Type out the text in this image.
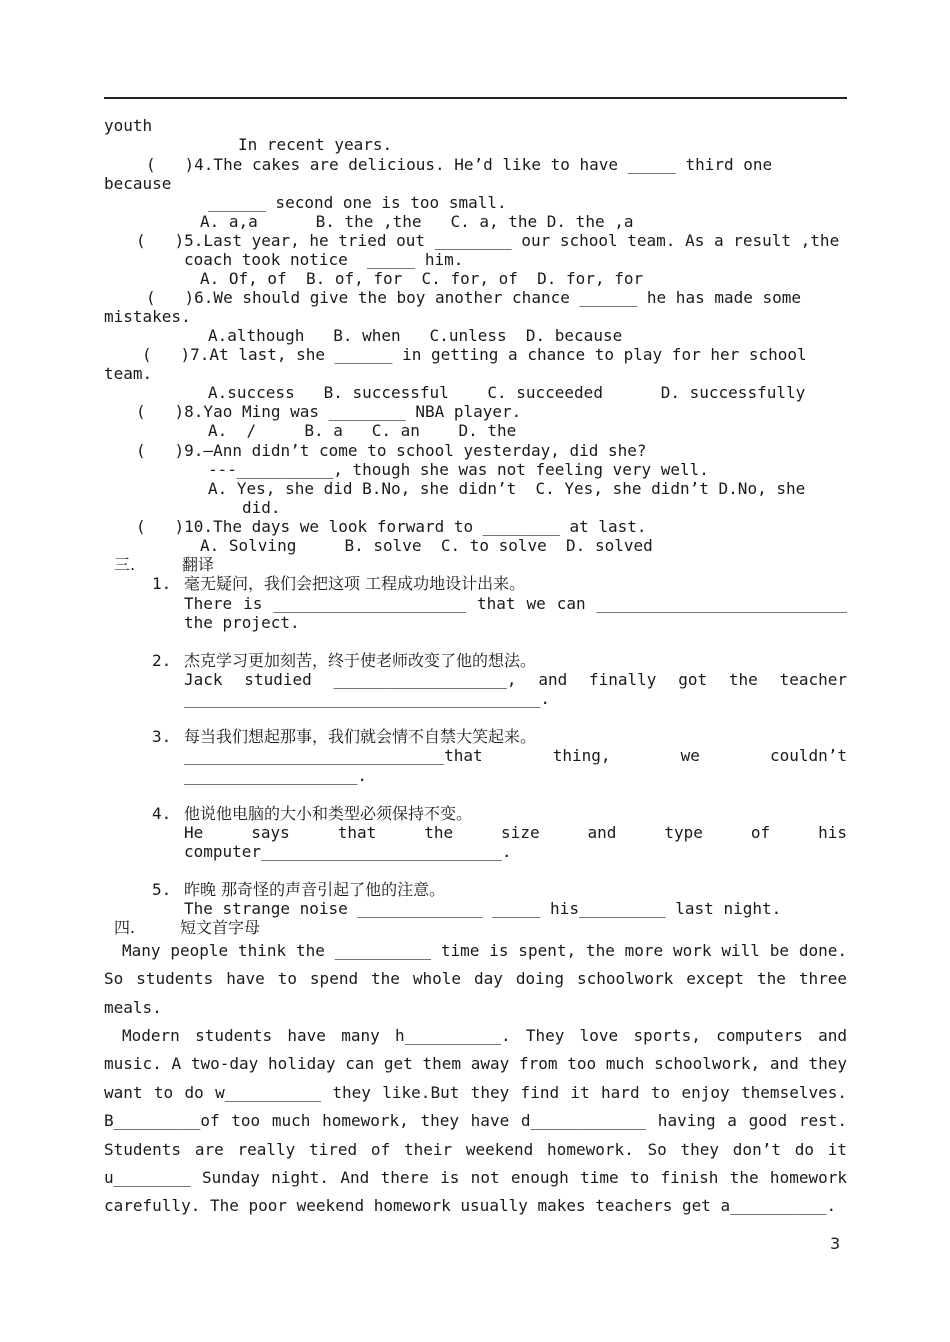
youth
In recent years.
(   )4.The cakes are delicious. He’d like to have _____ third one
because
______ second one is too small.
A. a,a      B. the ,the   C. a, the D. the ,a
(   )5.Last year, he tried out ________ our school team. As a result ,the
coach took notice  _____ him.
A. Of, of  B. of, for  C. for, of  D. for, for
(   )6.We should give the boy another chance ______ he has made some
mistakes.
A.although   B. when   C.unless  D. because
(   )7.At last, she ______ in getting a chance to play for her school
team.
A.success   B. successful    C. succeeded      D. successfully
(   )8.Yao Ming was ________ NBA player.
A.  /     B. a   C. an    D. the
(   )9.—Ann didn’t come to school yesterday, did she?
---__________, though she was not feeling very well.
A. Yes, she did B.No, she didn’t  C. Yes, she didn’t D.No, she
did.
(   )10.The days we look forward to ________ at last.
A. Solving     B. solve  C. to solve  D. solved
三.	翻译
1. 毫无疑问，我们会把这项 工程成功地设计出来。
There is ____________________ that we can __________________________
the project.
2. 杰克学习更加刻苦，终于使老师改变了他的想法。
Jack studied __________________, and finally got the teacher
_____________________________________.
3. 每当我们想起那事，我们就会情不自禁大笑起来。
___________________________that thing, we couldn’t
__________________.
4. 他说他电脑的大小和类型必须保持不变。
He says that the size and type of his
computer_________________________.
5. 昨晚 那奇怪的声音引起了他的注意。
The strange noise _____________ _____ his_________ last night.
四.	短文首字母
Many people think the __________ time is spent, the more work will be done. So students have to spend the whole day doing schoolwork except the three meals.
Modern students have many h__________. They love sports, computers and music. A two-day holiday can get them away from too much schoolwork, and they want to do w__________ they like.But they find it hard to enjoy themselves. B_________of too much homework, they have d____________ having a good rest. Students are really tired of their weekend homework. So they don’t do it u________ Sunday night. And there is not enough time to finish the homework carefully. The poor weekend homework usually makes teachers get a__________.
3
